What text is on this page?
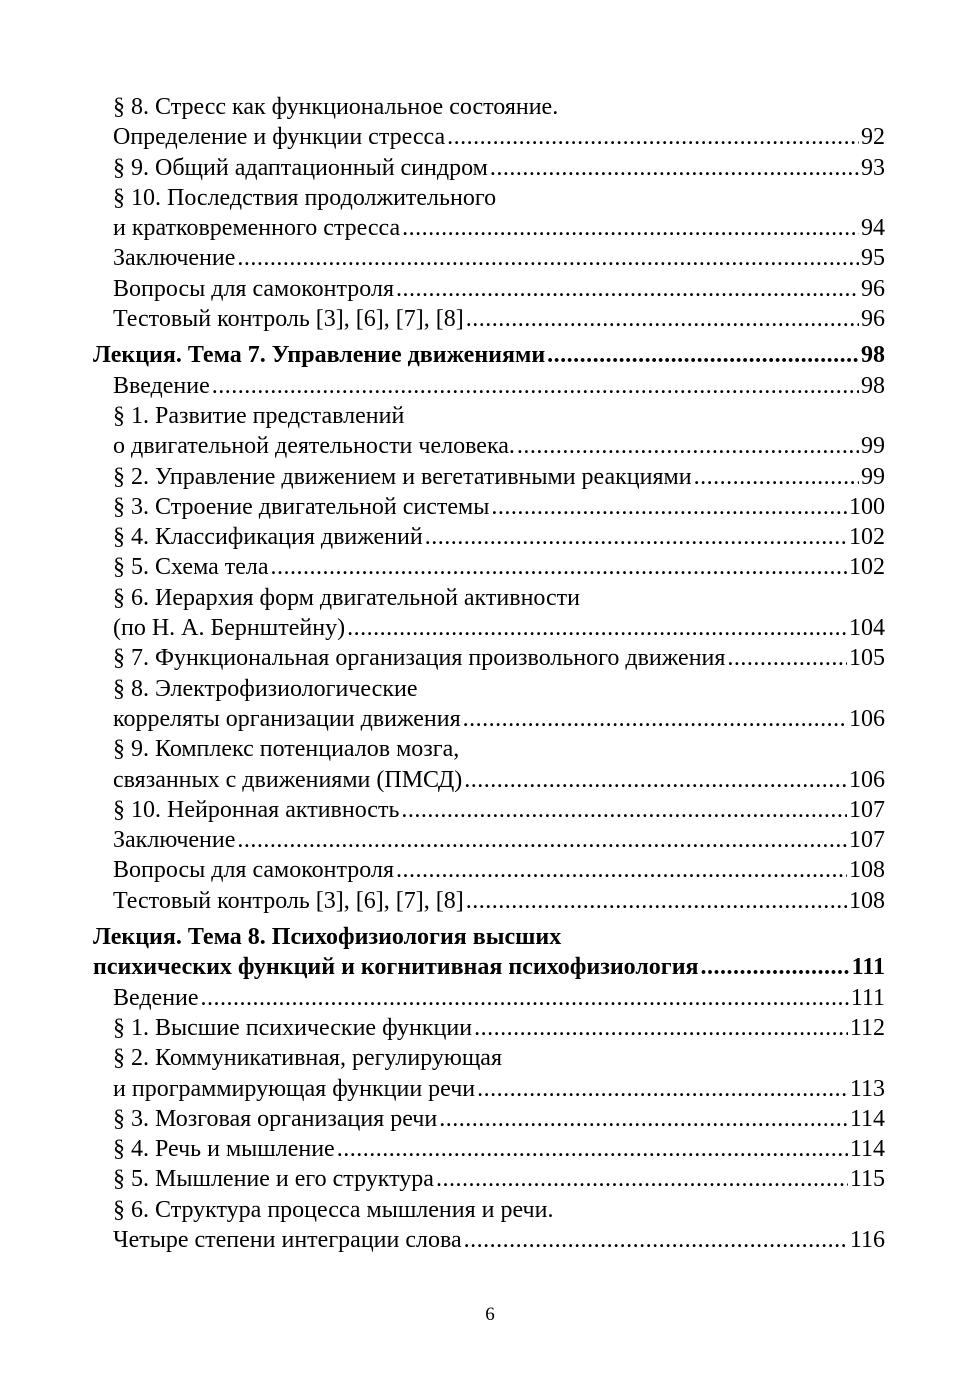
§ 8. Стресс как функциональное состояние.
Определение и функции стресса .....	92
§ 9. Общий адаптационный синдром .....	93
§ 10. Последствия продолжительного
и кратковременного стресса .....	94
Заключение .....	95
Вопросы для самоконтроля .....	96
Тестовый контроль [3], [6], [7], [8] .....	96
Лекция. Тема 7. Управление движениями .....	98
Введение .....	98
§ 1. Развитие представлений
о двигательной деятельности человека. .....	99
§ 2. Управление движением и вегетативными реакциями .....	99
§ 3. Строение двигательной системы .....	100
§ 4. Классификация движений .....	102
§ 5. Схема тела .....	102
§ 6. Иерархия форм двигательной активности
(по Н. А. Бернштейну) .....	104
§ 7. Функциональная организация произвольного движения .....	105
§ 8. Электрофизиологические
корреляты организации движения .....	106
§ 9. Комплекс потенциалов мозга,
связанных с движениями (ПМСД) .....	106
§ 10. Нейронная активность .....	107
Заключение .....	107
Вопросы для самоконтроля .....	108
Тестовый контроль [3], [6], [7], [8] .....	108
Лекция. Тема 8. Психофизиология высших
психических функций и когнитивная психофизиология .....	111
Ведение .....	111
§ 1. Высшие психические функции .....	112
§ 2. Коммуникативная, регулирующая
и программирующая функции речи .....	113
§ 3. Мозговая организация речи .....	114
§ 4. Речь и мышление .....	114
§ 5. Мышление и его структура .....	115
§ 6. Структура процесса мышления и речи.
Четыре степени интеграции слова .....	116
6
